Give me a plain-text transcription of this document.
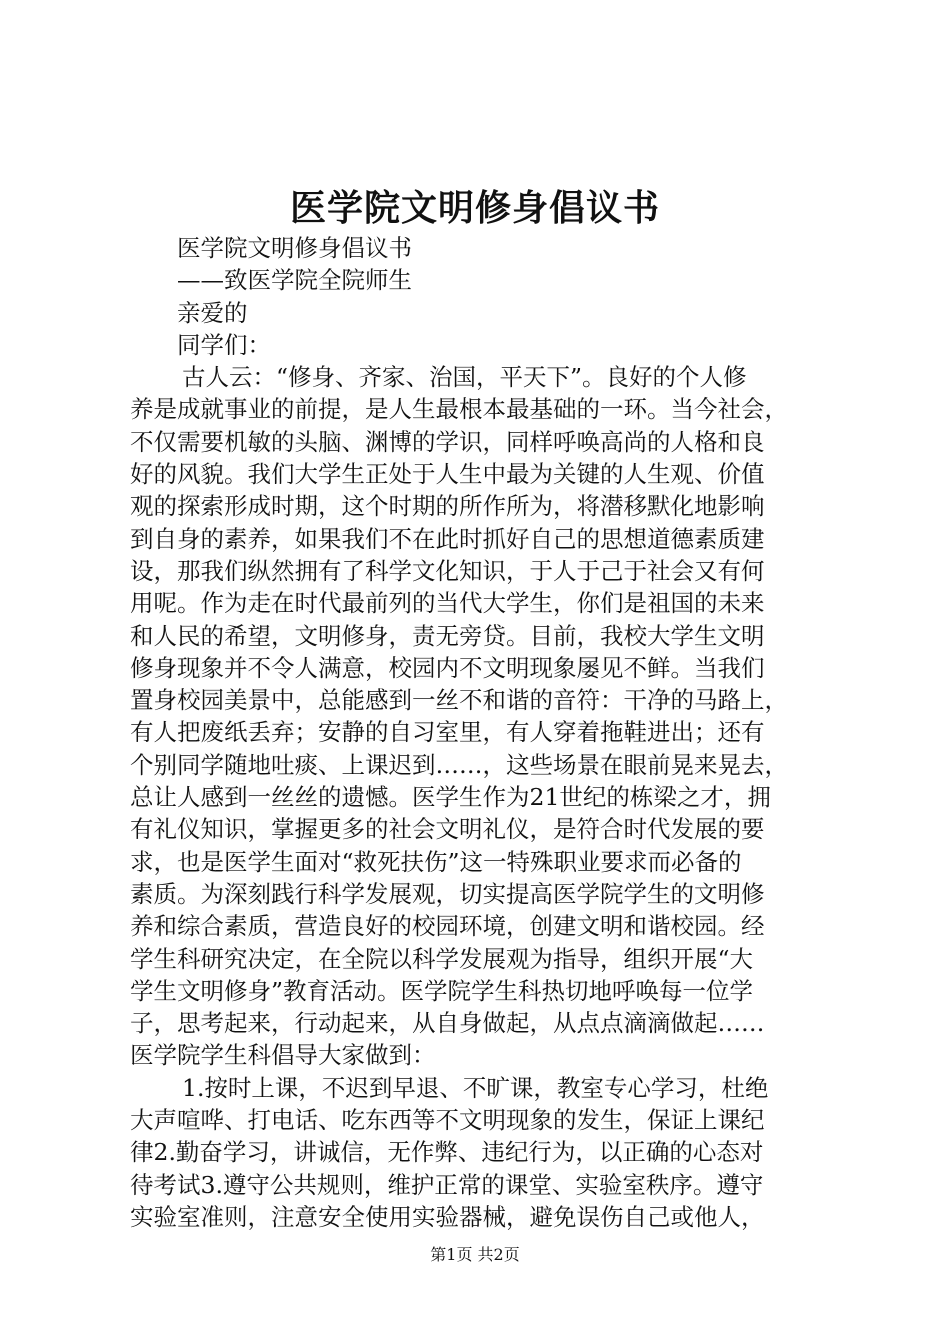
医学院文明修身倡议书
医学院文明修身倡议书
——致医学院全院师生
亲爱的
同学们：
古人云：“修身、齐家、治国，平天下”。良好的个人修
养是成就事业的前提，是人生最根本最基础的一环。当今社会，
不仅需要机敏的头脑、渊博的学识，同样呼唤高尚的人格和良
好的风貌。我们大学生正处于人生中最为关键的人生观、价值
观的探索形成时期，这个时期的所作所为，将潜移默化地影响
到自身的素养，如果我们不在此时抓好自己的思想道德素质建
设，那我们纵然拥有了科学文化知识，于人于己于社会又有何
用呢。作为走在时代最前列的当代大学生，你们是祖国的未来
和人民的希望，文明修身，责无旁贷。目前，我校大学生文明
修身现象并不令人满意，校园内不文明现象屡见不鲜。当我们
置身校园美景中，总能感到一丝不和谐的音符：干净的马路上，
有人把废纸丢弃；安静的自习室里，有人穿着拖鞋进出；还有
个别同学随地吐痰、上课迟到……，这些场景在眼前晃来晃去，
总让人感到一丝丝的遗憾。医学生作为21世纪的栋梁之才，拥
有礼仪知识，掌握更多的社会文明礼仪，是符合时代发展的要
求，也是医学生面对“救死扶伤”这一特殊职业要求而必备的
素质。为深刻践行科学发展观，切实提高医学院学生的文明修
养和综合素质，营造良好的校园环境，创建文明和谐校园。经
学生科研究决定，在全院以科学发展观为指导，组织开展“大
学生文明修身”教育活动。医学院学生科热切地呼唤每一位学
子，思考起来，行动起来，从自身做起，从点点滴滴做起……
医学院学生科倡导大家做到：
1.按时上课，不迟到早退、不旷课，教室专心学习，杜绝
大声喧哗、打电话、吃东西等不文明现象的发生，保证上课纪
律2.勤奋学习，讲诚信，无作弊、违纪行为，以正确的心态对
待考试3.遵守公共规则，维护正常的课堂、实验室秩序。遵守
实验室准则，注意安全使用实验器械，避免误伤自己或他人，
第1页 共2页
